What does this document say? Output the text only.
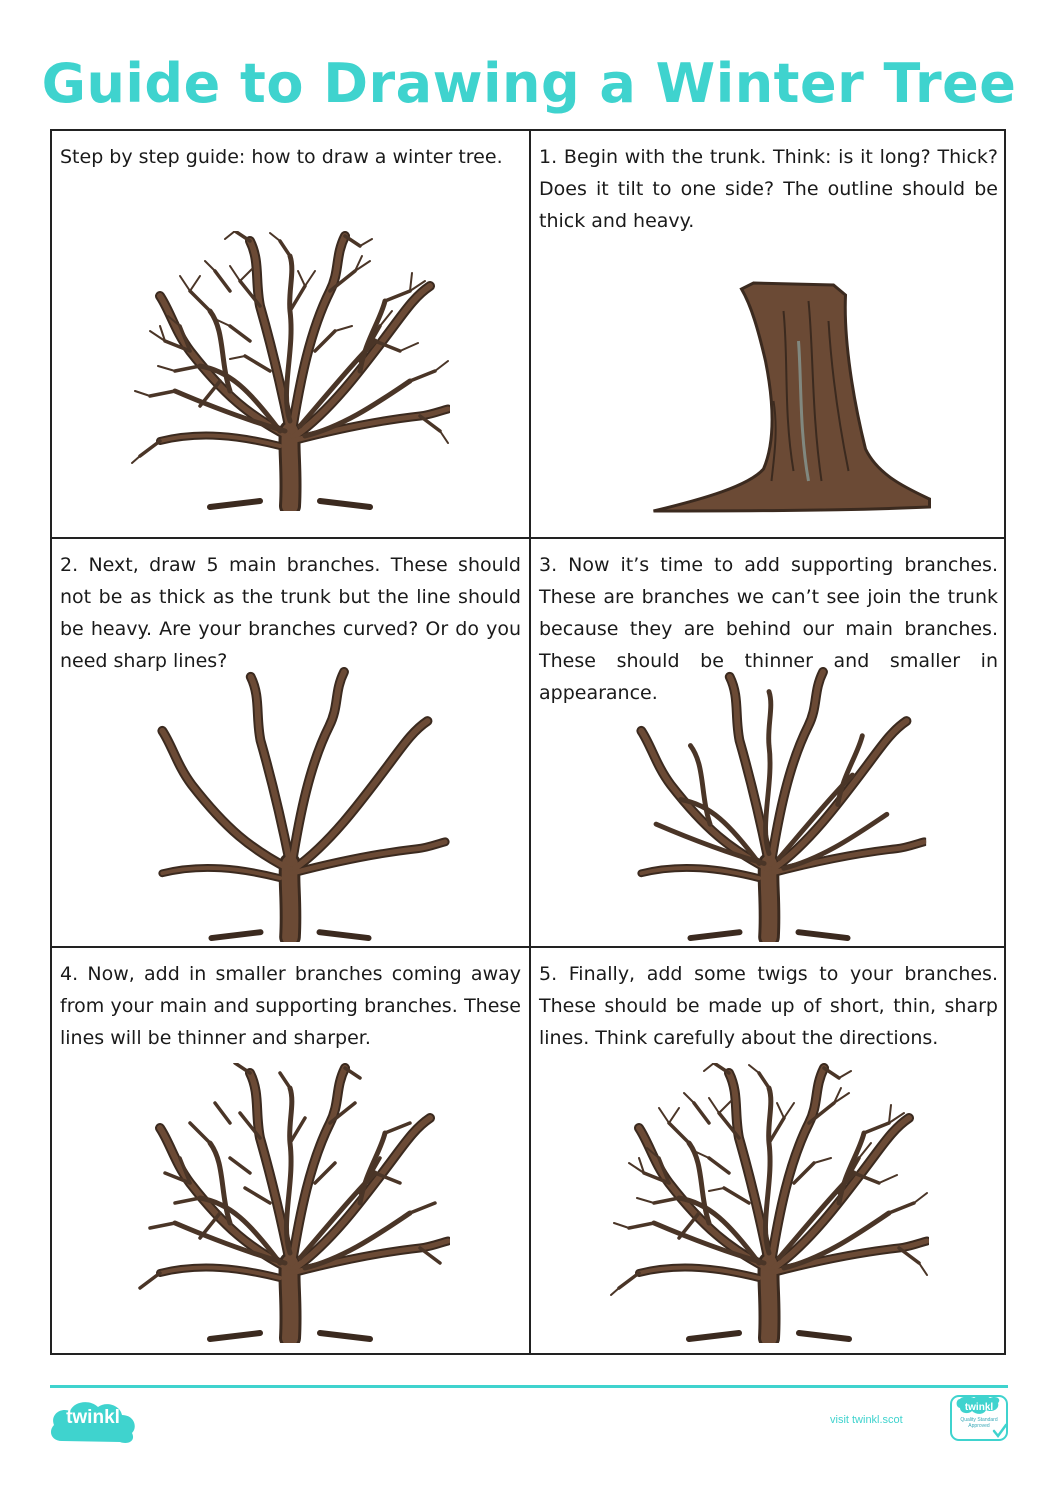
Guide to Drawing a Winter Tree
Step by step guide: how to draw a winter tree.	1. Begin with the trunk. Think: is it long? Thick? Does it tilt to one side? The outline should be thick and heavy.
2. Next, draw 5 main branches. These should not be as thick as the trunk but the line should be heavy. Are your branches curved? Or do you need sharp lines?
3. Now it’s time to add supporting branches. These are branches we can’t see join the trunk because they are behind our main branches. These should be thinner and smaller in appearance.
4. Now, add in smaller branches coming away from your main and supporting branches. These lines will be thinner and sharper.
5. Finally, add some twigs to your branches. These should be made up of short, thin, sharp lines. Think carefully about the directions.
twinkl	visit twinkl.scot
twinkl
Quality Standard Approved
